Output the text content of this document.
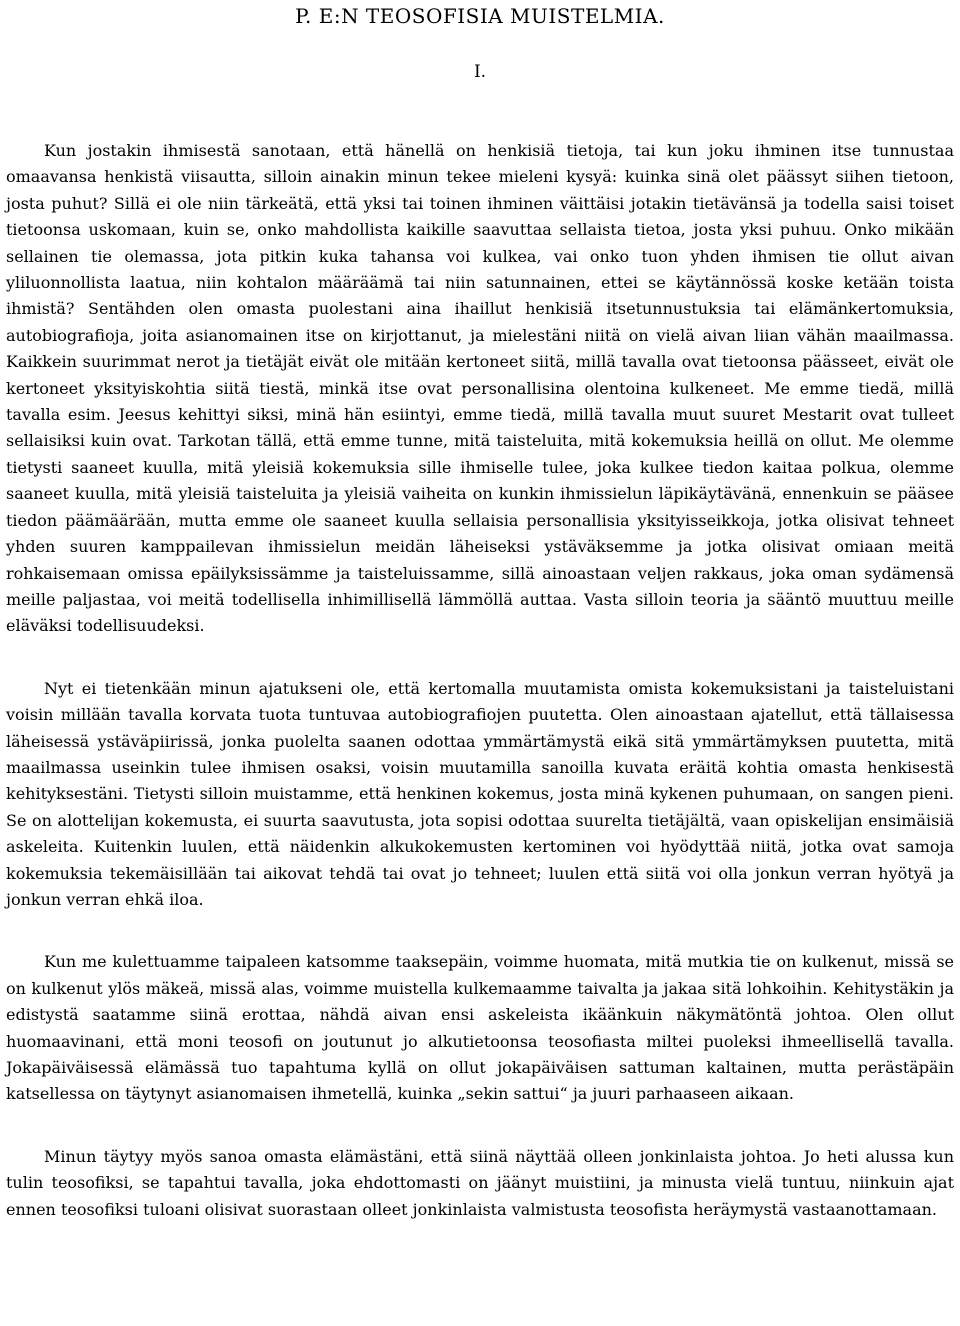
P. E:N TEOSOFISIA MUISTELMIA.
I.

Kun jostakin ihmisestä sanotaan, että hänellä on henkisiä tietoja, tai kun joku ihminen itse tunnustaa omaavansa henkistä viisautta, silloin ainakin minun tekee mieleni kysyä: kuinka sinä olet päässyt siihen tietoon, josta puhut? Sillä ei ole niin tärkeätä, että yksi tai toinen ihminen väittäisi jotakin tietävänsä ja todella saisi toiset tietoonsa uskomaan, kuin se, onko mahdollista kaikille saavuttaa sellaista tietoa, josta yksi puhuu. Onko mikään sellainen tie olemassa, jota pitkin kuka tahansa voi kulkea, vai onko tuon yhden ihmisen tie ollut aivan yliluonnollista laatua, niin kohtalon määräämä tai niin satunnainen, ettei se käytännössä koske ketään toista ihmistä? Sentähden olen omasta puolestani aina ihaillut henkisiä itsetunnustuksia tai elämänkertomuksia, autobiografioja, joita asianomainen itse on kirjottanut, ja mielestäni niitä on vielä aivan liian vähän maailmassa. Kaikkein suurimmat nerot ja tietäjät eivät ole mitään kertoneet siitä, millä tavalla ovat tietoonsa päässeet, eivät ole kertoneet yksityiskohtia siitä tiestä, minkä itse ovat personallisina olentoina kulkeneet. Me emme tiedä, millä tavalla esim. Jeesus kehittyi siksi, minä hän esiintyi, emme tiedä, millä tavalla muut suuret Mestarit ovat tulleet sellaisiksi kuin ovat. Tarkotan tällä, että emme tunne, mitä taisteluita, mitä kokemuksia heillä on ollut. Me olemme tietysti saaneet kuulla, mitä yleisiä kokemuksia sille ihmiselle tulee, joka kulkee tiedon kaitaa polkua, olemme saaneet kuulla, mitä yleisiä taisteluita ja yleisiä vaiheita on kunkin ihmissielun läpikäytävänä, ennenkuin se pääsee tiedon päämäärään, mutta emme ole saaneet kuulla sellaisia personallisia yksityisseikkoja, jotka olisivat tehneet yhden suuren kamppailevan ihmissielun meidän läheiseksi ystäväksemme ja jotka olisivat omiaan meitä rohkaisemaan omissa epäilyksissämme ja taisteluissamme, sillä ainoastaan veljen rakkaus, joka oman sydämensä meille paljastaa, voi meitä todellisella inhimillisellä lämmöllä auttaa. Vasta silloin teoria ja sääntö muuttuu meille eläväksi todellisuudeksi.

Nyt ei tietenkään minun ajatukseni ole, että kertomalla muutamista omista kokemuksistani ja taisteluistani voisin millään tavalla korvata tuota tuntuvaa autobiografiojen puutetta. Olen ainoastaan ajatellut, että tällaisessa läheisessä ystäväpiirissä, jonka puolelta saanen odottaa ymmärtämystä eikä sitä ymmärtämyksen puutetta, mitä maailmassa useinkin tulee ihmisen osaksi, voisin muutamilla sanoilla kuvata eräitä kohtia omasta henkisestä kehityksestäni. Tietysti silloin muistamme, että henkinen kokemus, josta minä kykenen puhumaan, on sangen pieni. Se on alottelijan kokemusta, ei suurta saavutusta, jota sopisi odottaa suurelta tietäjältä, vaan opiskelijan ensimäisiä askeleita. Kuitenkin luulen, että näidenkin alkukokemusten kertominen voi hyödyttää niitä, jotka ovat samoja kokemuksia tekemäisillään tai aikovat tehdä tai ovat jo tehneet; luulen että siitä voi olla jonkun verran hyötyä ja jonkun verran ehkä iloa.

Kun me kulettuamme taipaleen katsomme taaksepäin, voimme huomata, mitä mutkia tie on kulkenut, missä se on kulkenut ylös mäkeä, missä alas, voimme muistella kulkemaamme taivalta ja jakaa sitä lohkoihin. Kehitystäkin ja edistystä saatamme siinä erottaa, nähdä aivan ensi askeleista ikäänkuin näkymätöntä johtoa. Olen ollut huomaavinani, että moni teosofi on joutunut jo alkutietoonsa teosofiasta miltei puoleksi ihmeellisellä tavalla. Jokapäiväisessä elämässä tuo tapahtuma kyllä on ollut jokapäiväisen sattuman kaltainen, mutta perästäpäin katsellessa on täytynyt asianomaisen ihmetellä, kuinka „sekin sattui“ ja juuri parhaaseen aikaan.

Minun täytyy myös sanoa omasta elämästäni, että siinä näyttää olleen jonkinlaista johtoa. Jo heti alussa kun tulin teosofiksi, se tapahtui tavalla, joka ehdottomasti on jäänyt muistiini, ja minusta vielä tuntuu, niinkuin ajat ennen teosofiksi tuloani olisivat suorastaan olleet jonkinlaista valmistusta teosofista heräymystä vastaanottamaan.
